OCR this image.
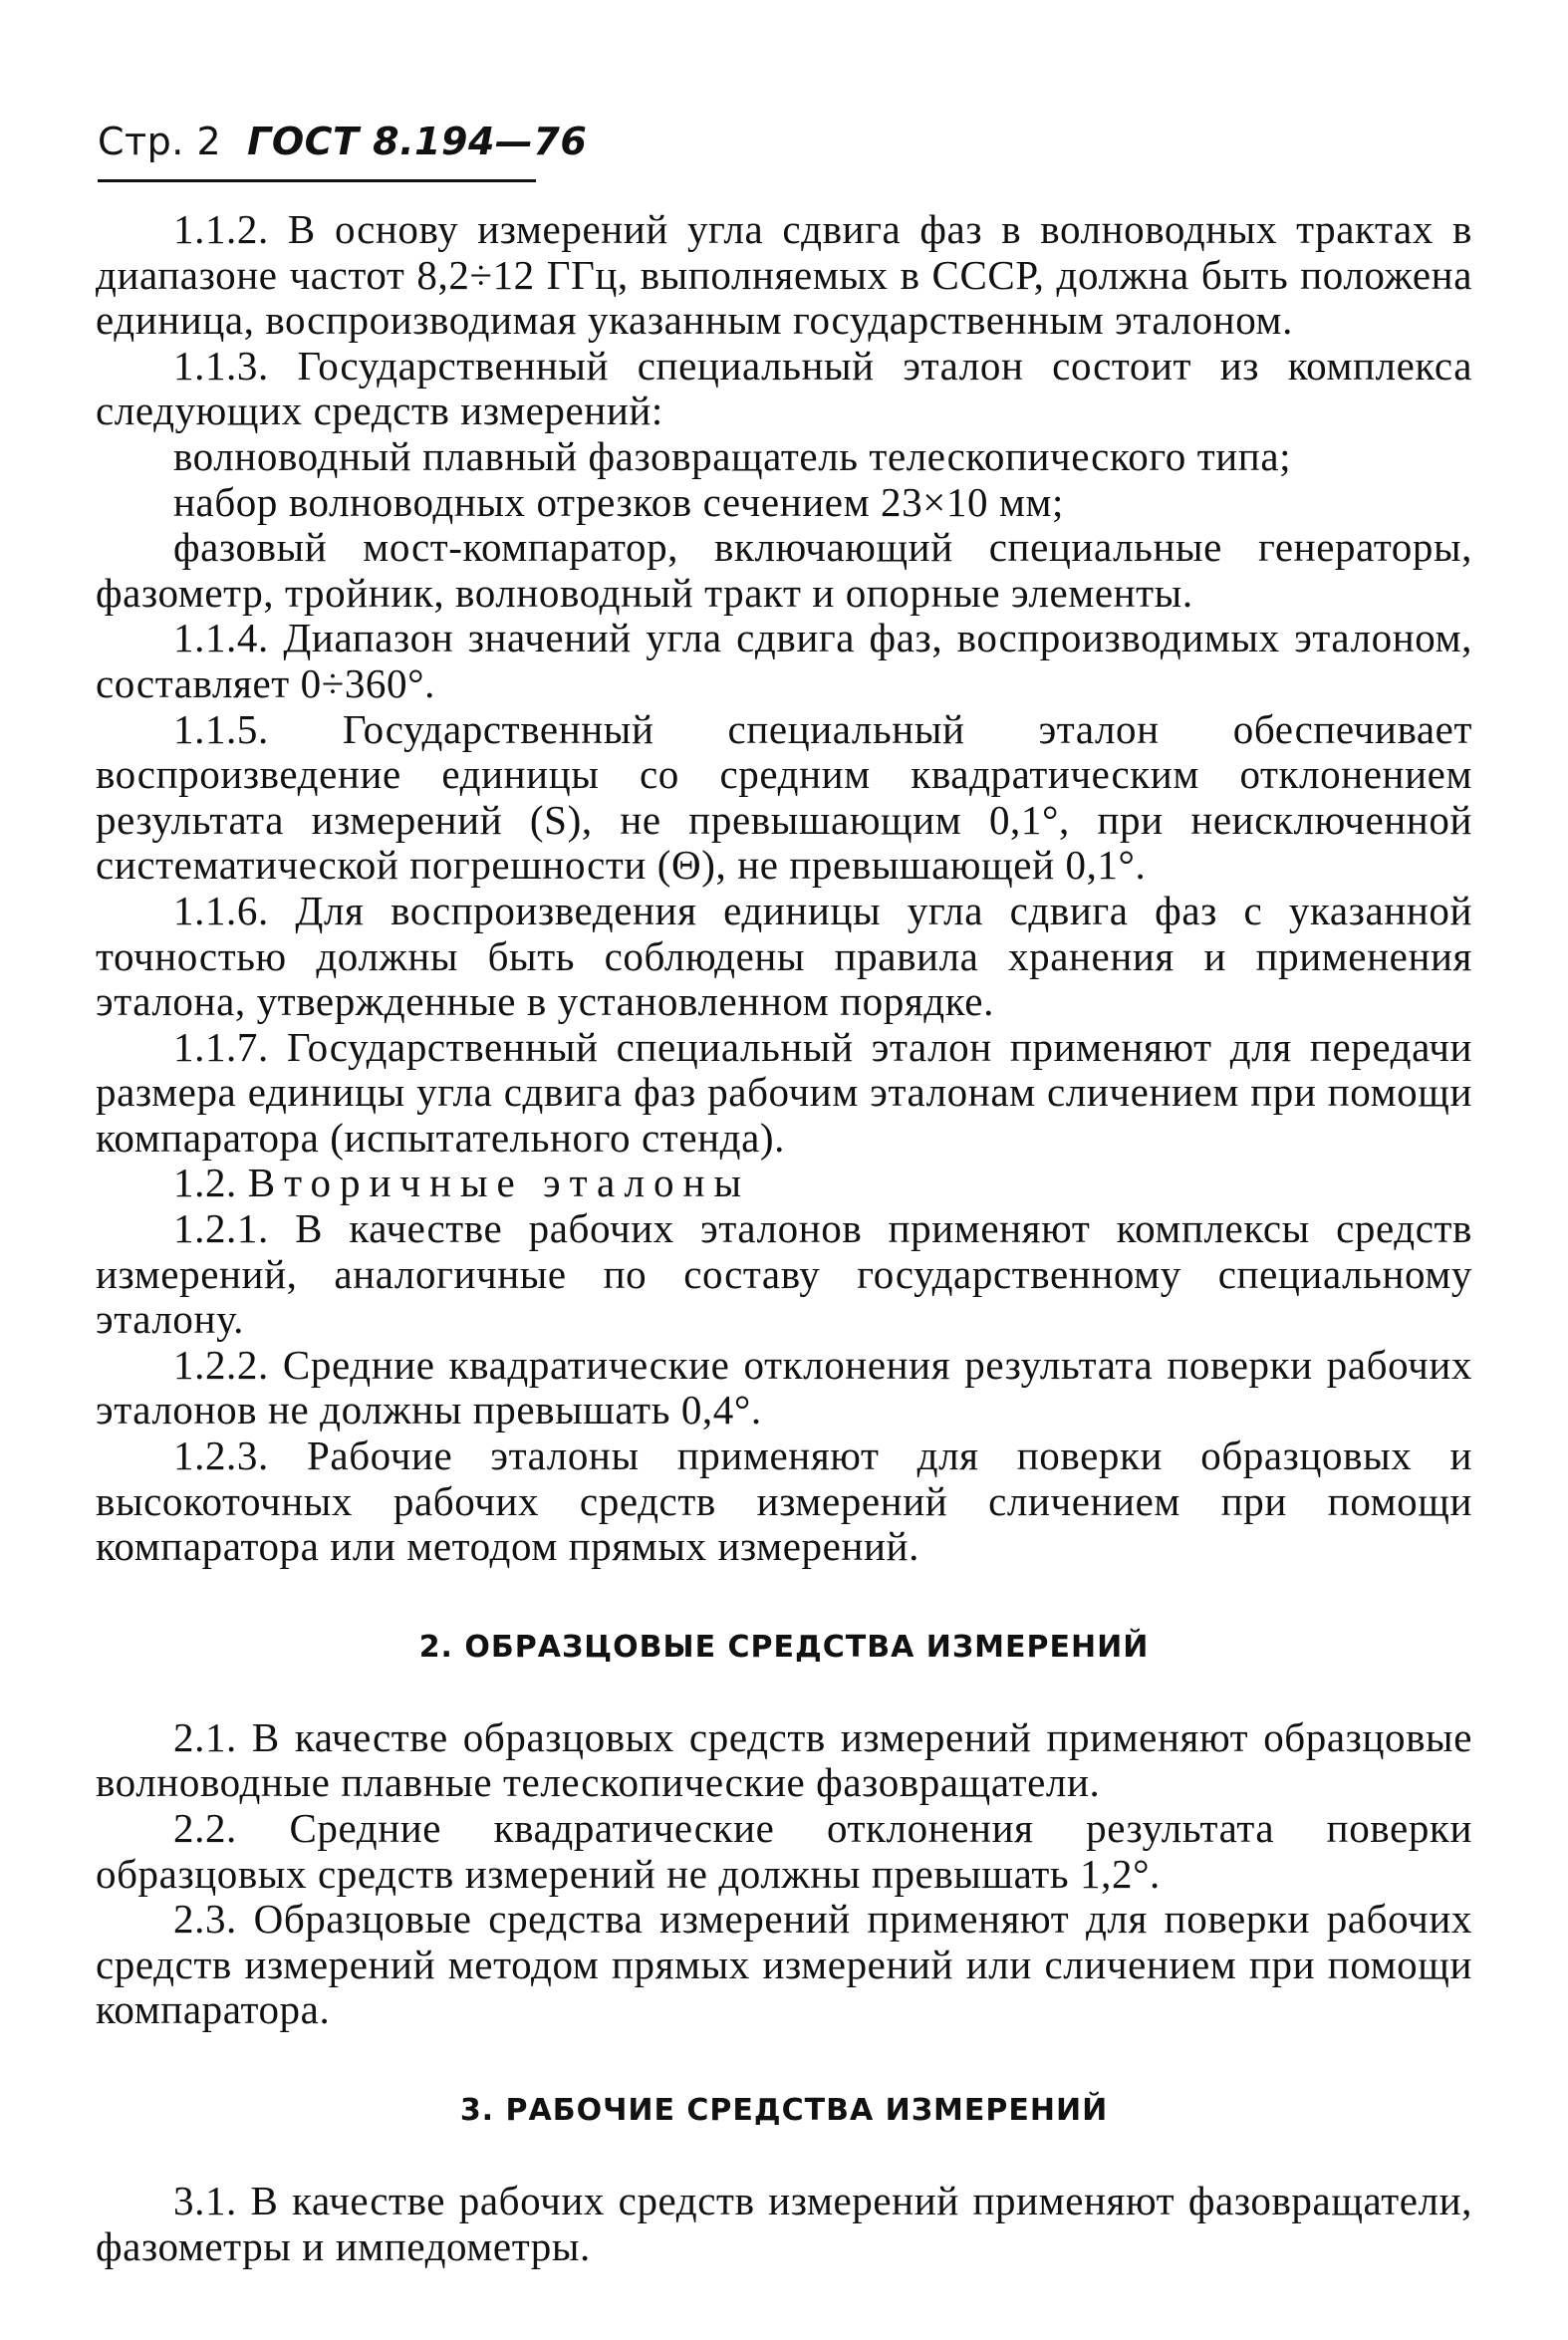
Стр. 2 ГОСТ 8.194—76

1.1.2. В основу измерений угла сдвига фаз в волноводных трактах в диапазоне частот 8,2÷12 ГГц, выполняемых в СССР, должна быть положена единица, воспроизводимая указанным государственным эталоном.

1.1.3. Государственный специальный эталон состоит из комплекса следующих средств измерений:

волноводный плавный фазовращатель телескопического типа;

набор волноводных отрезков сечением 23×10 мм;

фазовый мост-компаратор, включающий специальные генераторы, фазометр, тройник, волноводный тракт и опорные элементы.

1.1.4. Диапазон значений угла сдвига фаз, воспроизводимых эталоном, составляет 0÷360°.

1.1.5. Государственный специальный эталон обеспечивает воспроизведение единицы со средним квадратическим отклонением результата измерений (S), не превышающим 0,1°, при неисключенной систематической погрешности (Θ), не превышающей 0,1°.

1.1.6. Для воспроизведения единицы угла сдвига фаз с указанной точностью должны быть соблюдены правила хранения и применения эталона, утвержденные в установленном порядке.

1.1.7. Государственный специальный эталон применяют для передачи размера единицы угла сдвига фаз рабочим эталонам сличением при помощи компаратора (испытательного стенда).

1.2. Вторичные эталоны

1.2.1. В качестве рабочих эталонов применяют комплексы средств измерений, аналогичные по составу государственному специальному эталону.

1.2.2. Средние квадратические отклонения результата поверки рабочих эталонов не должны превышать 0,4°.

1.2.3. Рабочие эталоны применяют для поверки образцовых и высокоточных рабочих средств измерений сличением при помощи компаратора или методом прямых измерений.

2. ОБРАЗЦОВЫЕ СРЕДСТВА ИЗМЕРЕНИЙ

2.1. В качестве образцовых средств измерений применяют образцовые волноводные плавные телескопические фазовращатели.

2.2. Средние квадратические отклонения результата поверки образцовых средств измерений не должны превышать 1,2°.

2.3. Образцовые средства измерений применяют для поверки рабочих средств измерений методом прямых измерений или сличением при помощи компаратора.

3. РАБОЧИЕ СРЕДСТВА ИЗМЕРЕНИЙ

3.1. В качестве рабочих средств измерений применяют фазовращатели, фазометры и импедометры.
